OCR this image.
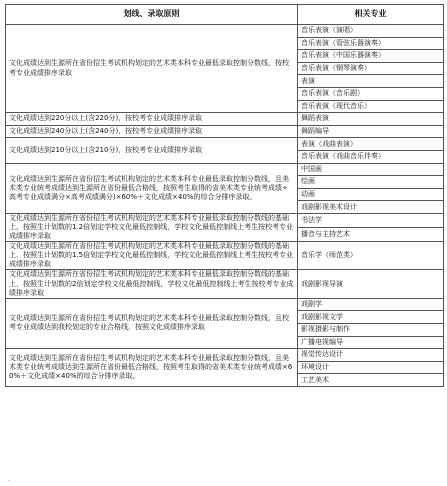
划线、录取原则	相关专业
文化成绩达到生源所在省份招生考试机构划定的艺术类本科专业最低录取控制分数线，按校考专业成绩排序录取	音乐表演（演唱）
	音乐表演（管弦乐器演奏）
	音乐表演（中国乐器演奏）
	音乐表演（钢琴演奏）
	表演
	音乐表演（音乐剧）
	音乐表演（现代音乐）
文化成绩达到220分以上(含220分)，按校考专业成绩排序录取	舞蹈表演
文化成绩达到240分以上(含240分)，按校考专业成绩排序录取	舞蹈编导
文化成绩达到210分以上(含210分)，按校考专业成绩排序录取	表演（戏曲表演）
	音乐表演（戏曲音乐伴奏）
文化成绩达到生源所在省份招生考试机构划定的艺术类本科专业最低录取控制分数线，且美术类专业统考成绩达到生源所在省份最低合格线，按照考生取得的省美术类专业统考成绩÷高考专业成绩满分×高考成绩满分)×60%＋文化成绩×40%的综合分排序录取。	中国画
	绘画
	动画
	戏剧影视美术设计
文化成绩达到生源所在省份招生考试机构划定的艺术类本科专业最低录取控制分数线的基础上，按照生计划数的1.2倍划定学校文化最低控制线，学校文化最低控制线上考生按校考专业成绩排序录取	书法学
	播音与主持艺术
文化成绩达到生源所在省份招生考试机构划定的艺术类本科专业最低录取控制分数线的基础上，按照生计划数的1.5倍划定学校文化最低控制线，学校文化最低控制线上考生按校考专业成绩排序录取	音乐学（师范类）
文化成绩达到生源所在省份招生考试机构划定的艺术类本科专业最低录取控制分数线的基础上，按照生计划数的2倍划定学校文化最低控制线，学校文化最低控制线上考生按校考专业成绩排序录取	戏剧影视导演
文化成绩达到生源所在省份招生考试机构划定的艺术类本科专业最低录取控制分数线，且校考专业成绩达到我校划定的专业合格线，按照文化成绩排序录取	戏剧学
	戏剧影视文学
	影视摄影与制作
	广播电视编导
文化成绩达到生源所在省份招生考试机构划定的艺术类本科专业最低录取控制分数线，且美术类专业统考成绩达到生源所在省份最低合格线，按照考生取得的省美术类专业统考成绩×60%＋文化成绩×40%的综合分排序录取。	视觉传达设计
	环境设计
	工艺美术
·
